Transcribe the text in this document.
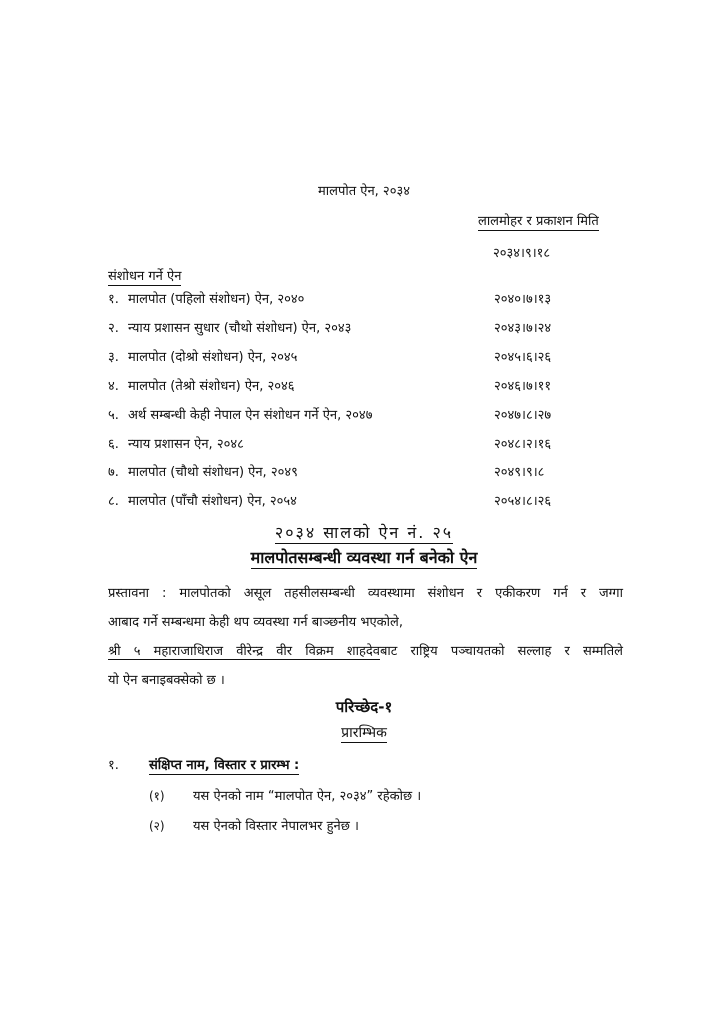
मालपोत ऐन, २०३४
लालमोहर र प्रकाशन मिति
२०३४।९।१८
संशोधन गर्ने ऐन
१. मालपोत (पहिलो संशोधन) ऐन, २०४०	२०४०।७।१३
२. न्याय प्रशासन सुधार (चौथो संशोधन) ऐन, २०४३	२०४३।७।२४
३. मालपोत (दोश्रो संशोधन) ऐन, २०४५	२०४५।६।२६
४. मालपोत (तेश्रो संशोधन) ऐन, २०४६	२०४६।७।११
५. अर्थ सम्बन्धी केही नेपाल ऐन संशोधन गर्ने ऐन, २०४७	२०४७।८।२७
६. न्याय प्रशासन ऐन, २०४८	२०४८।२।१६
७. मालपोत (चौथो संशोधन) ऐन, २०४९	२०४९।९।८
८. मालपोत (पाँचौ संशोधन) ऐन, २०५४	२०५४।८।२६
२०३४ सालको ऐन नं. २५
मालपोतसम्बन्धी व्यवस्था गर्न बनेको ऐन
प्रस्तावना : मालपोतको असूल तहसीलसम्बन्धी व्यवस्थामा संशोधन र एकीकरण गर्न र जग्गा
आबाद गर्ने सम्बन्धमा केही थप व्यवस्था गर्न बाञ्छनीय भएकोले,
श्री ५ महाराजाधिराज वीरेन्द्र वीर विक्रम शाहदेवबाट राष्ट्रिय पञ्चायतको सल्लाह र सम्मतिले
यो ऐन बनाइबक्सेको छ ।
परिच्छेद-१
प्रारम्भिक
१. संक्षिप्त नाम, विस्तार र प्रारम्भ :
(१) यस ऐनको नाम “मालपोत ऐन, २०३४” रहेकोछ ।
(२) यस ऐनको विस्तार नेपालभर हुनेछ ।
